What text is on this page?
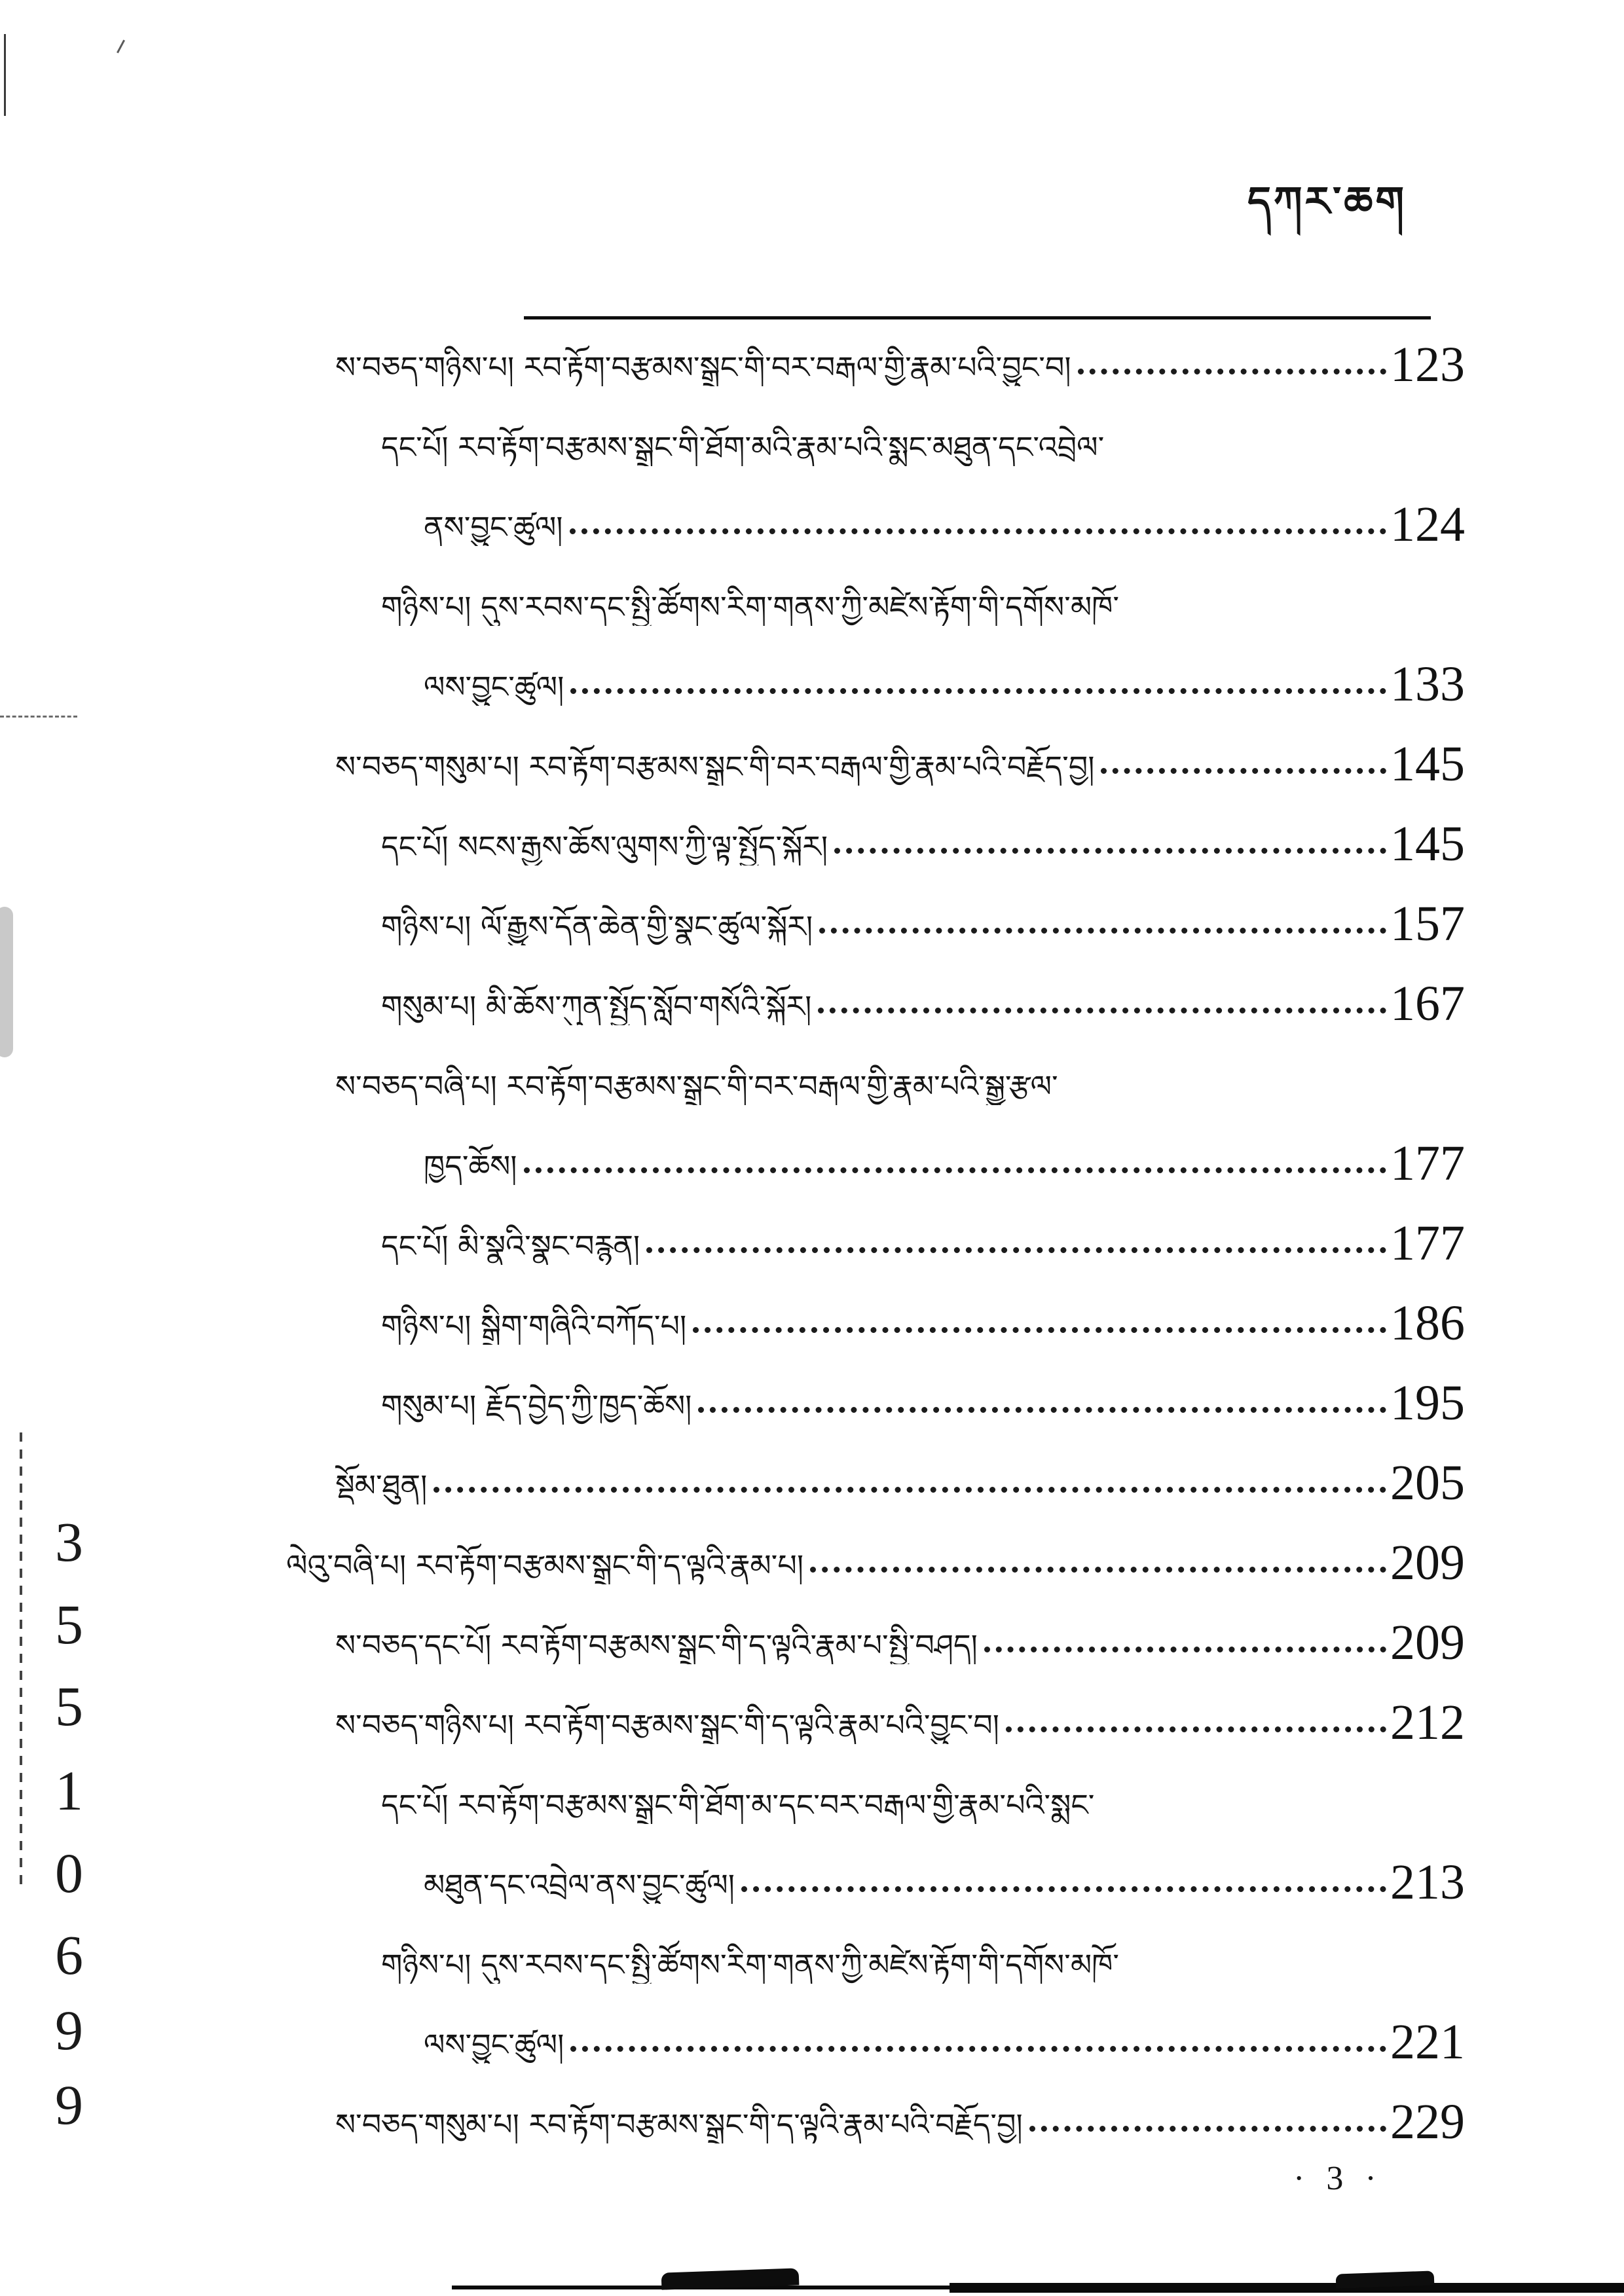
དཀར་ཆག
ས་བཅད་གཉིས་པ། རབ་རྟོག་བརྩམས་སྒྲུང་གི་བར་བརྒལ་གྱི་རྣམ་པའི་བྱུང་བ།	123
དང་པོ། རབ་རྟོག་བརྩམས་སྒྲུང་གི་ཐོག་མའི་རྣམ་པའི་སྨང་མཐུན་དང་འབྲེལ་
ནས་བྱུང་ཚུལ།	124
གཉིས་པ། དུས་རབས་དང་སྤྱི་ཚོགས་རིག་གནས་ཀྱི་མཛེས་རྟོག་གི་དགོས་མཁོ་
ལས་བྱུང་ཚུལ།	133
ས་བཅད་གསུམ་པ། རབ་རྟོག་བརྩམས་སྒྲུང་གི་བར་བརྒལ་གྱི་རྣམ་པའི་བརྗོད་བྱ།	145
དང་པོ། སངས་རྒྱས་ཆོས་ལུགས་ཀྱི་ལྟ་སྤྱོད་སྐོར།	145
གཉིས་པ། ལོ་རྒྱུས་དོན་ཆེན་གྱི་སྣང་ཚུལ་སྐོར།	157
གསུམ་པ། མི་ཆོས་ཀུན་སྤྱོད་སློབ་གསོའི་སྐོར།	167
ས་བཅད་བཞི་པ། རབ་རྟོག་བརྩམས་སྒྲུང་གི་བར་བརྒལ་གྱི་རྣམ་པའི་སྒྱུ་རྩལ་
ཁྱད་ཆོས།	177
དང་པོ། མི་སྣའི་སྣང་བརྙན།	177
གཉིས་པ། སྒྲིག་གཞིའི་བཀོད་པ།	186
གསུམ་པ། རྗོད་བྱེད་ཀྱི་ཁྱད་ཆོས།	195
སྡོམ་ཐུན།	205
ལེའུ་བཞི་པ། རབ་རྟོག་བརྩམས་སྒྲུང་གི་ད་ལྟའི་རྣམ་པ།	209
ས་བཅད་དང་པོ། རབ་རྟོག་བརྩམས་སྒྲུང་གི་ད་ལྟའི་རྣམ་པ་སྤྱི་བཤད།	209
ས་བཅད་གཉིས་པ། རབ་རྟོག་བརྩམས་སྒྲུང་གི་ད་ལྟའི་རྣམ་པའི་བྱུང་བ།	212
དང་པོ། རབ་རྟོག་བརྩམས་སྒྲུང་གི་ཐོག་མ་དང་བར་བརྒལ་གྱི་རྣམ་པའི་སྨང་
མཐུན་དང་འབྲེལ་ནས་བྱུང་ཚུལ།	213
གཉིས་པ། དུས་རབས་དང་སྤྱི་ཚོགས་རིག་གནས་ཀྱི་མཛེས་རྟོག་གི་དགོས་མཁོ་
ལས་བྱུང་ཚུལ།	221
ས་བཅད་གསུམ་པ། རབ་རྟོག་བརྩམས་སྒྲུང་གི་ད་ལྟའི་རྣམ་པའི་བརྗོད་བྱ།	229
· 3 ·
3
5
5
1
0
6
9
9
